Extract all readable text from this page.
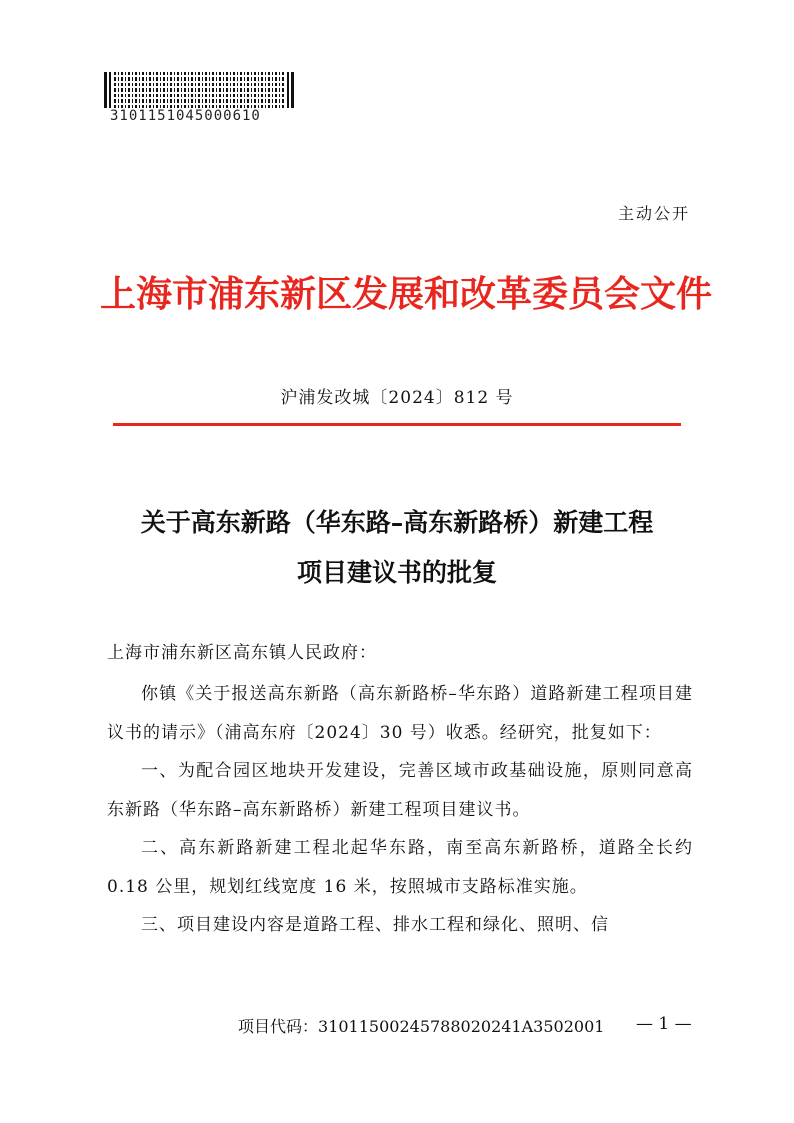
3101151045000610
主动公开
上海市浦东新区发展和改革委员会文件
沪浦发改城〔2024〕812 号
关于高东新路（华东路–高东新路桥）新建工程
项目建议书的批复
上海市浦东新区高东镇人民政府：

你镇《关于报送高东新路（高东新路桥–华东路）道路新建工程项目建议书的请示》（浦高东府〔2024〕30 号）收悉。经研究，批复如下：

一、为配合园区地块开发建设，完善区域市政基础设施，原则同意高东新路（华东路–高东新路桥）新建工程项目建议书。

二、高东新路新建工程北起华东路，南至高东新路桥，道路全长约 0.18 公里，规划红线宽度 16 米，按照城市支路标准实施。

三、项目建设内容是道路工程、排水工程和绿化、照明、信

项目代码：31011500245788020241A3502001 — 1 —
